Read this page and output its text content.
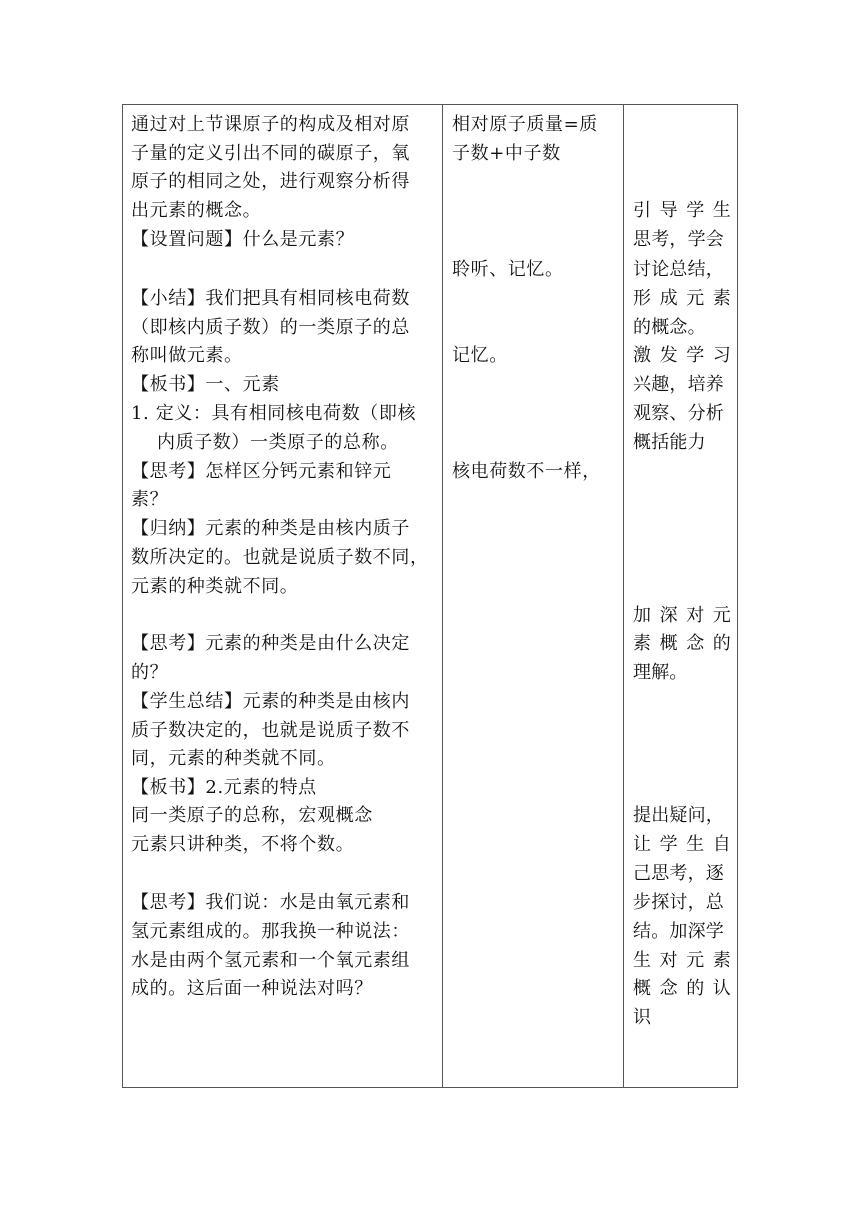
通过对上节课原子的构成及相对原
子量的定义引出不同的碳原子，氧
原子的相同之处，进行观察分析得
出元素的概念。
【设置问题】什么是元素？
【小结】我们把具有相同核电荷数
（即核内质子数）的一类原子的总
称叫做元素。
【板书】一、元素
1. 定义：具有相同核电荷数（即核
内质子数）一类原子的总称。
【思考】怎样区分钙元素和锌元
素？
【归纳】元素的种类是由核内质子
数所决定的。也就是说质子数不同，
元素的种类就不同。
【思考】元素的种类是由什么决定
的？
【学生总结】元素的种类是由核内
质子数决定的，也就是说质子数不
同，元素的种类就不同。
【板书】2.元素的特点
同一类原子的总称，宏观概念
元素只讲种类，不将个数。
【思考】我们说：水是由氧元素和
氢元素组成的。那我换一种说法：
水是由两个氢元素和一个氧元素组
成的。这后面一种说法对吗？
相对原子质量=质
子数+中子数
聆听、记忆。
记忆。
核电荷数不一样，
引导学生
思考，学会
讨论总结，
形成元素
的概念。
激发学习
兴趣，培养
观察、分析
概括能力
加深对元
素概念的
理解。
提出疑问，
让学生自
己思考，逐
步探讨，总
结。加深学
生对元素
概念的认
识
